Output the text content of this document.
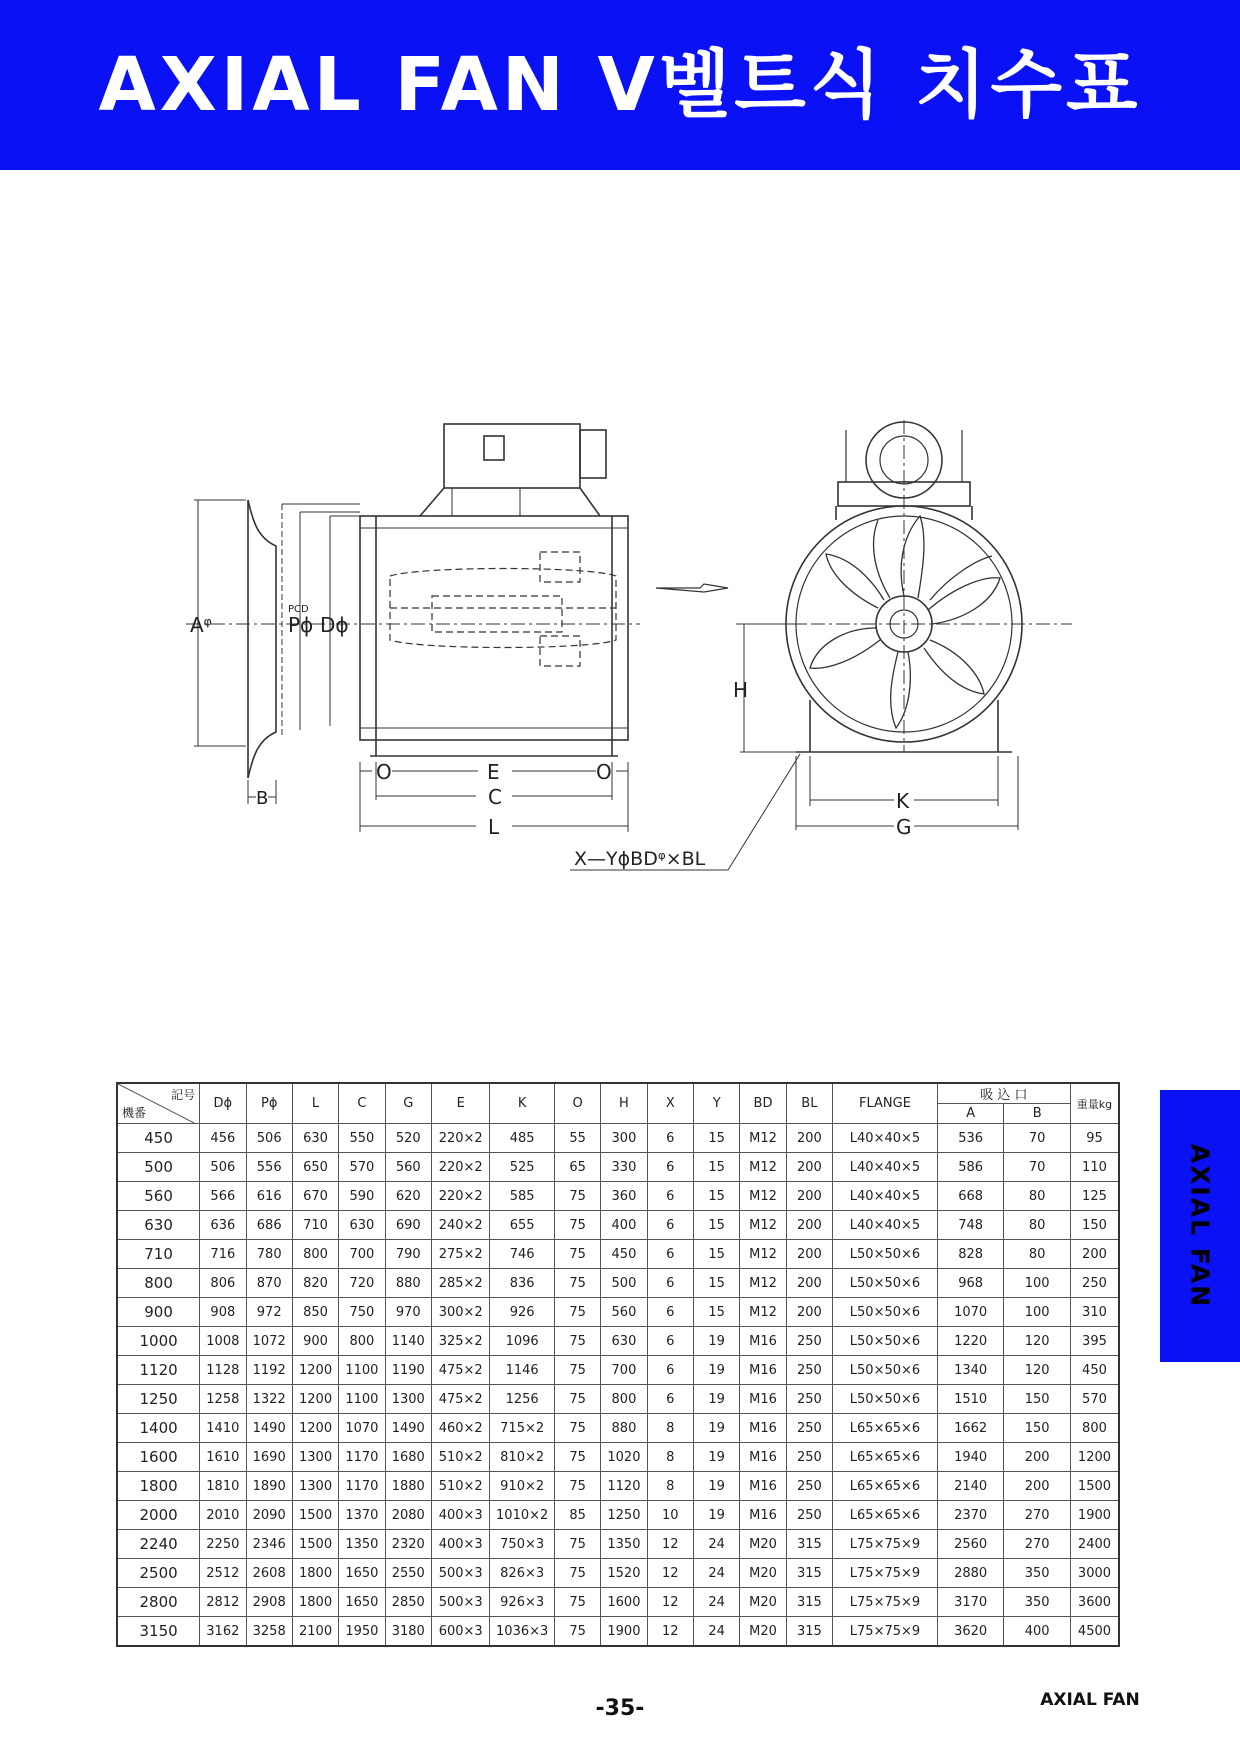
AXIAL FAN V벨트식 치수표
Aᵠ
PCD
Pϕ Dϕ
B
O	E	O
C
L
H
K
G
X—YϕBDᵠ×BL
AXIAL FAN
記号
機番	Dϕ	Pϕ	L	C	G	E	K	O	H	X	Y	BD	BL	FLANGE	吸 込 口		重量kg
															A	B	
450	456	506	630	550	520	220×2	485	55	300	6	15	M12	200	L40×40×5	536	70	95
500	506	556	650	570	560	220×2	525	65	330	6	15	M12	200	L40×40×5	586	70	110
560	566	616	670	590	620	220×2	585	75	360	6	15	M12	200	L40×40×5	668	80	125
630	636	686	710	630	690	240×2	655	75	400	6	15	M12	200	L40×40×5	748	80	150
710	716	780	800	700	790	275×2	746	75	450	6	15	M12	200	L50×50×6	828	80	200
800	806	870	820	720	880	285×2	836	75	500	6	15	M12	200	L50×50×6	968	100	250
900	908	972	850	750	970	300×2	926	75	560	6	15	M12	200	L50×50×6	1070	100	310
1000	1008	1072	900	800	1140	325×2	1096	75	630	6	19	M16	250	L50×50×6	1220	120	395
1120	1128	1192	1200	1100	1190	475×2	1146	75	700	6	19	M16	250	L50×50×6	1340	120	450
1250	1258	1322	1200	1100	1300	475×2	1256	75	800	6	19	M16	250	L50×50×6	1510	150	570
1400	1410	1490	1200	1070	1490	460×2	715×2	75	880	8	19	M16	250	L65×65×6	1662	150	800
1600	1610	1690	1300	1170	1680	510×2	810×2	75	1020	8	19	M16	250	L65×65×6	1940	200	1200
1800	1810	1890	1300	1170	1880	510×2	910×2	75	1120	8	19	M16	250	L65×65×6	2140	200	1500
2000	2010	2090	1500	1370	2080	400×3	1010×2	85	1250	10	19	M16	250	L65×65×6	2370	270	1900
2240	2250	2346	1500	1350	2320	400×3	750×3	75	1350	12	24	M20	315	L75×75×9	2560	270	2400
2500	2512	2608	1800	1650	2550	500×3	826×3	75	1520	12	24	M20	315	L75×75×9	2880	350	3000
2800	2812	2908	1800	1650	2850	500×3	926×3	75	1600	12	24	M20	315	L75×75×9	3170	350	3600
3150	3162	3258	2100	1950	3180	600×3	1036×3	75	1900	12	24	M20	315	L75×75×9	3620	400	4500
-35-	AXIAL FAN
